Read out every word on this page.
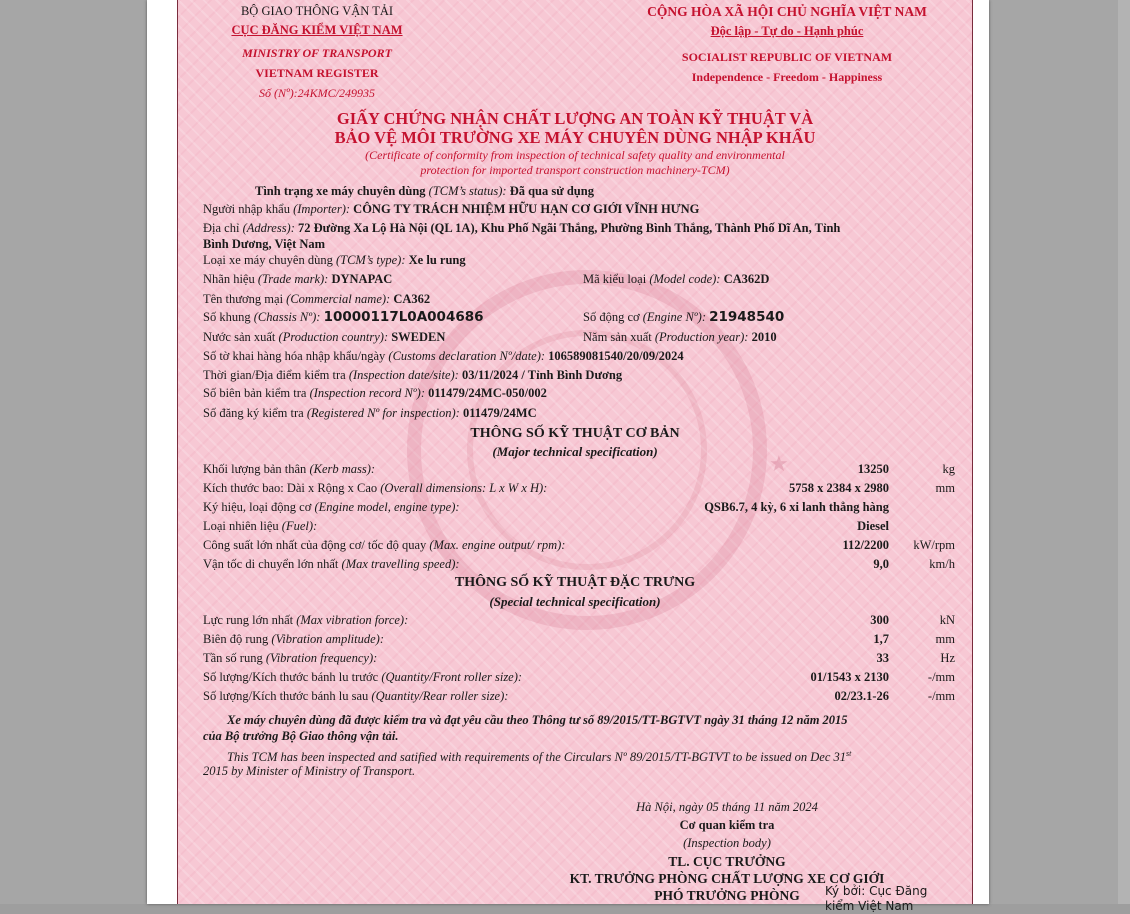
★
BỘ GIAO THÔNG VẬN TẢI
CỤC ĐĂNG KIỂM VIỆT NAM
MINISTRY OF TRANSPORT
VIETNAM REGISTER
Số (Nº):24KMC/249935
CỘNG HÒA XÃ HỘI CHỦ NGHĨA VIỆT NAM
Độc lập - Tự do - Hạnh phúc
SOCIALIST REPUBLIC OF VIETNAM
Independence - Freedom - Happiness
GIẤY CHỨNG NHẬN CHẤT LƯỢNG AN TOÀN KỸ THUẬT VÀ
BẢO VỆ MÔI TRƯỜNG XE MÁY CHUYÊN DÙNG NHẬP KHẨU
(Certificate of conformity from inspection of technical safety quality and environmental
protection for imported transport construction machinery-TCM)
Tình trạng xe máy chuyên dùng (TCM’s status): Đã qua sử dụng
Người nhập khẩu (Importer): CÔNG TY TRÁCH NHIỆM HỮU HẠN CƠ GIỚI VĨNH HƯNG
Địa chỉ (Address): 72 Đường Xa Lộ Hà Nội (QL 1A), Khu Phố Ngãi Thắng, Phường Bình Thắng, Thành Phố Dĩ An, Tỉnh
Bình Dương, Việt Nam
Loại xe máy chuyên dùng (TCM’s type): Xe lu rung
Nhãn hiệu (Trade mark): DYNAPAC	Mã kiểu loại (Model code): CA362D
Tên thương mại (Commercial name): CA362
Số khung (Chassis Nº): 10000117L0A004686	Số động cơ (Engine Nº): 21948540
Nước sản xuất (Production country): SWEDEN	Năm sản xuất (Production year): 2010
Số tờ khai hàng hóa nhập khẩu/ngày (Customs declaration Nº/date): 106589081540/20/09/2024
Thời gian/Địa điểm kiểm tra (Inspection date/site): 03/11/2024 / Tỉnh Bình Dương
Số biên bản kiểm tra (Inspection record Nº): 011479/24MC-050/002
Số đăng ký kiểm tra (Registered Nº for inspection): 011479/24MC
THÔNG SỐ KỸ THUẬT CƠ BẢN
(Major technical specification)
Khối lượng bản thân (Kerb mass):	13250	kg
Kích thước bao: Dài x Rộng x Cao (Overall dimensions: L x W x H):	5758 x 2384 x 2980	mm
Ký hiệu, loại động cơ (Engine model, engine type):	QSB6.7, 4 kỳ, 6 xi lanh thẳng hàng
Loại nhiên liệu (Fuel):	Diesel
Công suất lớn nhất của động cơ/ tốc độ quay (Max. engine output/ rpm):	112/2200	kW/rpm
Vận tốc di chuyển lớn nhất (Max travelling speed):	9,0	km/h
THÔNG SỐ KỸ THUẬT ĐẶC TRƯNG
(Special technical specification)
Lực rung lớn nhất (Max vibration force):	300	kN
Biên độ rung (Vibration amplitude):	1,7	mm
Tần số rung (Vibration frequency):	33	Hz
Số lượng/Kích thước bánh lu trước (Quantity/Front roller size):	01/1543 x 2130	-/mm
Số lượng/Kích thước bánh lu sau (Quantity/Rear roller size):	02/23.1-26	-/mm
Xe máy chuyên dùng đã được kiểm tra và đạt yêu cầu theo Thông tư số 89/2015/TT-BGTVT ngày 31 tháng 12 năm 2015
của Bộ trưởng Bộ Giao thông vận tải.
This TCM has been inspected and satified with requirements of the Circulars Nº 89/2015/TT-BGTVT to be issued on Dec 31st
2015 by Minister of Ministry of Transport.
Hà Nội, ngày 05 tháng 11 năm 2024
Cơ quan kiểm tra
(Inspection body)
TL. CỤC TRƯỞNG
KT. TRƯỞNG PHÒNG CHẤT LƯỢNG XE CƠ GIỚI
PHÓ TRƯỞNG PHÒNG	Ký bởi: Cục Đăng
kiểm Việt Nam
